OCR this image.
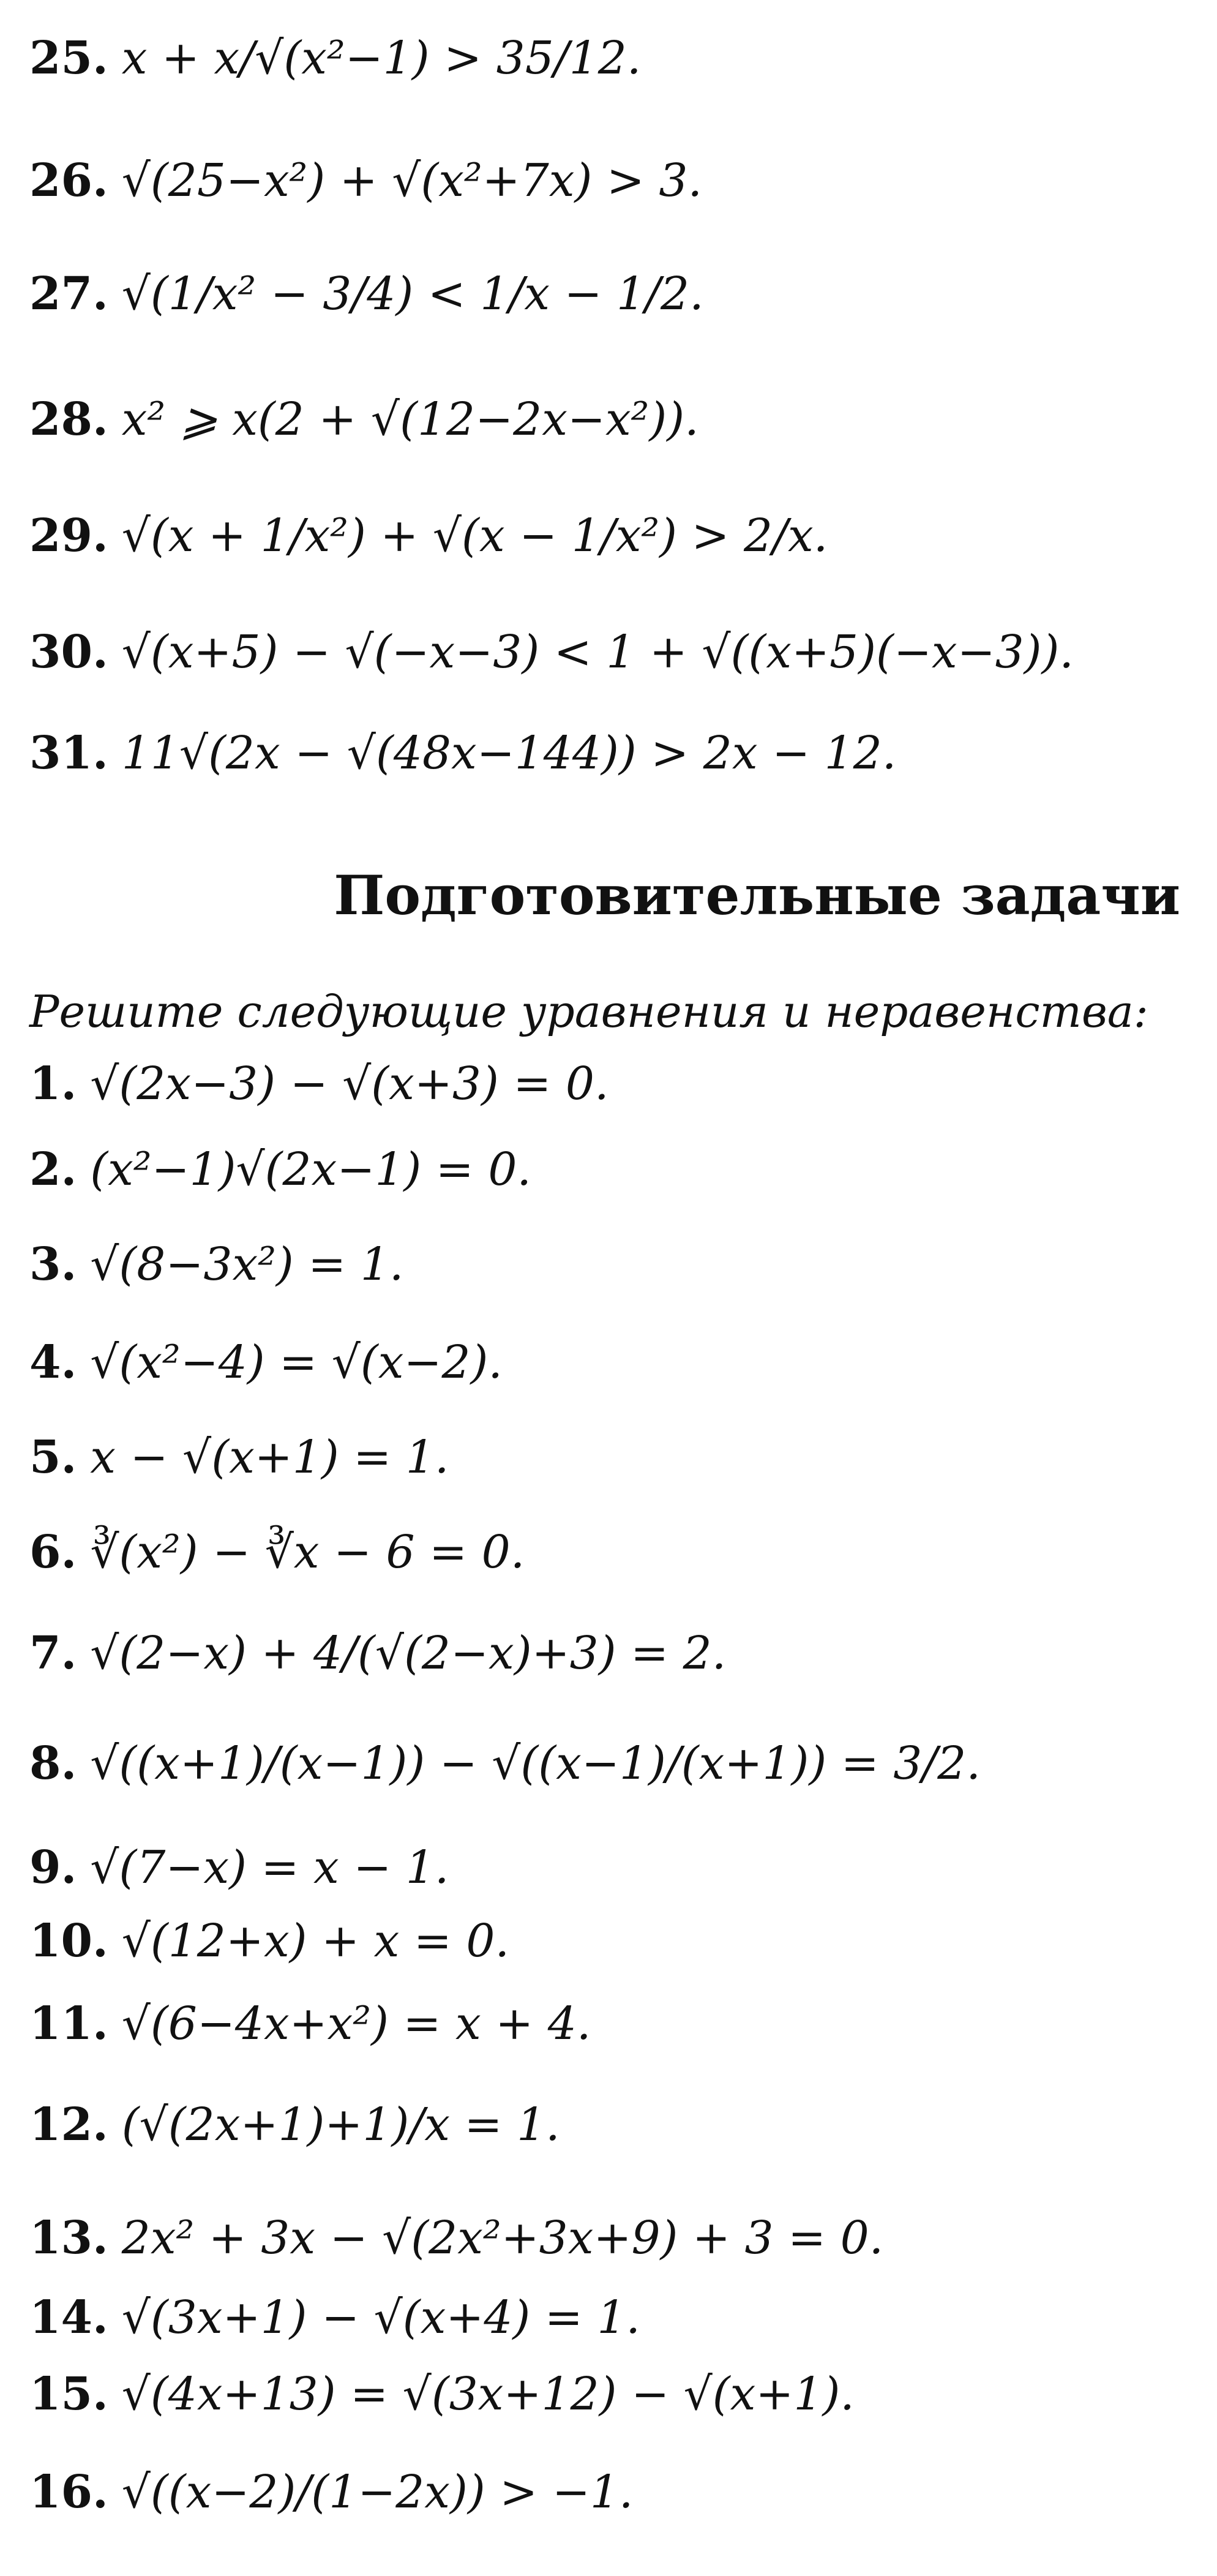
25. x + x/√(x²−1) > 35/12.
26. √(25−x²) + √(x²+7x) > 3.
27. √(1/x² − 3/4) < 1/x − 1/2.
28. x² ⩾ x(2 + √(12−2x−x²)).
29. √(x + 1/x²) + √(x − 1/x²) > 2/x.
30. √(x+5) − √(−x−3) < 1 + √((x+5)(−x−3)).
31. 11√(2x − √(48x−144)) > 2x − 12.
Подготовительные задачи

Решите следующие уравнения и неравенства:

1. √(2x−3) − √(x+3) = 0.
2. (x²−1)√(2x−1) = 0.
3. √(8−3x²) = 1.
4. √(x²−4) = √(x−2).
5. x − √(x+1) = 1.
6. ∛(x²) − ∛x − 6 = 0.
7. √(2−x) + 4/(√(2−x)+3) = 2.
8. √((x+1)/(x−1)) − √((x−1)/(x+1)) = 3/2.
9. √(7−x) = x − 1.
10. √(12+x) + x = 0.
11. √(6−4x+x²) = x + 4.
12. (√(2x+1)+1)/x = 1.
13. 2x² + 3x − √(2x²+3x+9) + 3 = 0.
14. √(3x+1) − √(x+4) = 1.
15. √(4x+13) = √(3x+12) − √(x+1).
16. √((x−2)/(1−2x)) > −1.
